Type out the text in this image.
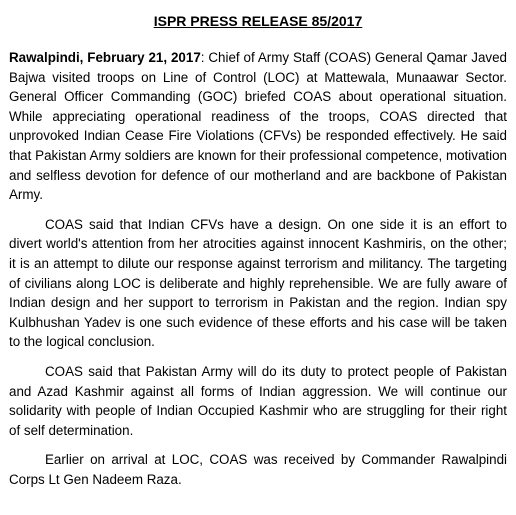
ISPR PRESS RELEASE 85/2017

Rawalpindi, February 21, 2017: Chief of Army Staff (COAS) General Qamar Javed Bajwa visited troops on Line of Control (LOC) at Mattewala, Munaawar Sector. General Officer Commanding (GOC) briefed COAS about operational situation. While appreciating operational readiness of the troops, COAS directed that unprovoked Indian Cease Fire Violations (CFVs) be responded effectively. He said that Pakistan Army soldiers are known for their professional competence, motivation and selfless devotion for defence of our motherland and are backbone of Pakistan Army.

COAS said that Indian CFVs have a design. On one side it is an effort to divert world's attention from her atrocities against innocent Kashmiris, on the other; it is an attempt to dilute our response against terrorism and militancy. The targeting of civilians along LOC is deliberate and highly reprehensible. We are fully aware of Indian design and her support to terrorism in Pakistan and the region. Indian spy Kulbhushan Yadev is one such evidence of these efforts and his case will be taken to the logical conclusion.

COAS said that Pakistan Army will do its duty to protect people of Pakistan and Azad Kashmir against all forms of Indian aggression. We will continue our solidarity with people of Indian Occupied Kashmir who are struggling for their right of self determination.

Earlier on arrival at LOC, COAS was received by Commander Rawalpindi Corps Lt Gen Nadeem Raza.
